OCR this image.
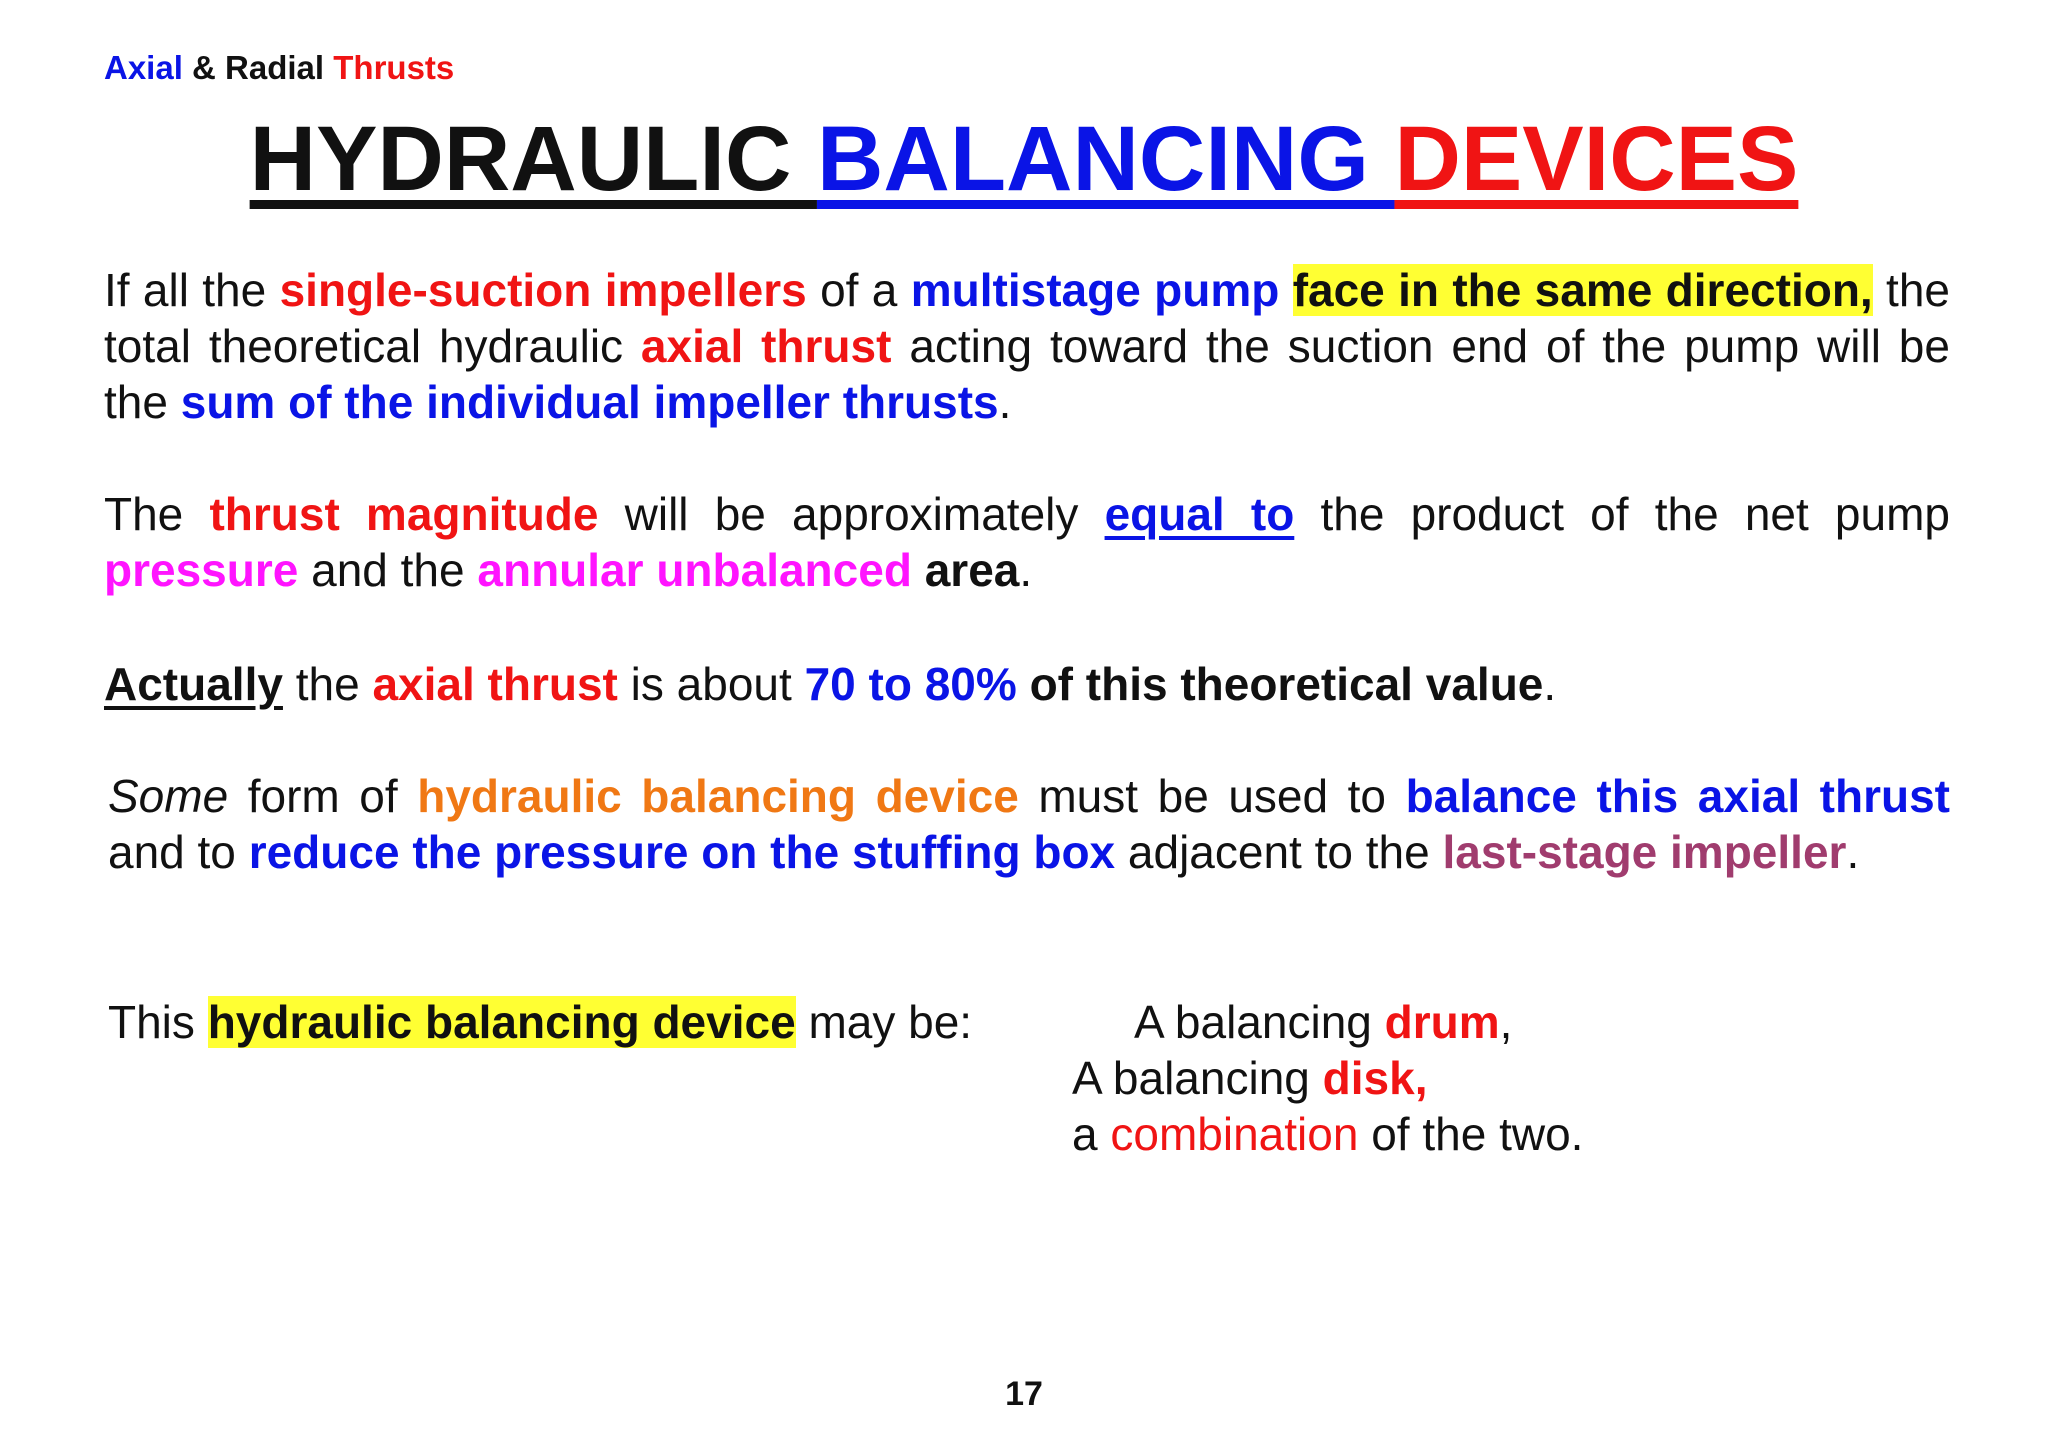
Axial & Radial Thrusts
HYDRAULIC BALANCING DEVICES
If all the single-suction impellers of a multistage pump face in the same direction, the total theoretical hydraulic axial thrust acting toward the suction end of the pump will be the sum of the individual impeller thrusts.
The thrust magnitude will be approximately equal to the product of the net pump pressure and the annular unbalanced area.
Actually the axial thrust is about 70 to 80% of this theoretical value.
Some form of hydraulic balancing device must be used to balance this axial thrust and to reduce the pressure on the stuffing box adjacent to the last-stage impeller.
This hydraulic balancing device may be:	A balancing drum,
A balancing disk,
a combination of the two.
17
